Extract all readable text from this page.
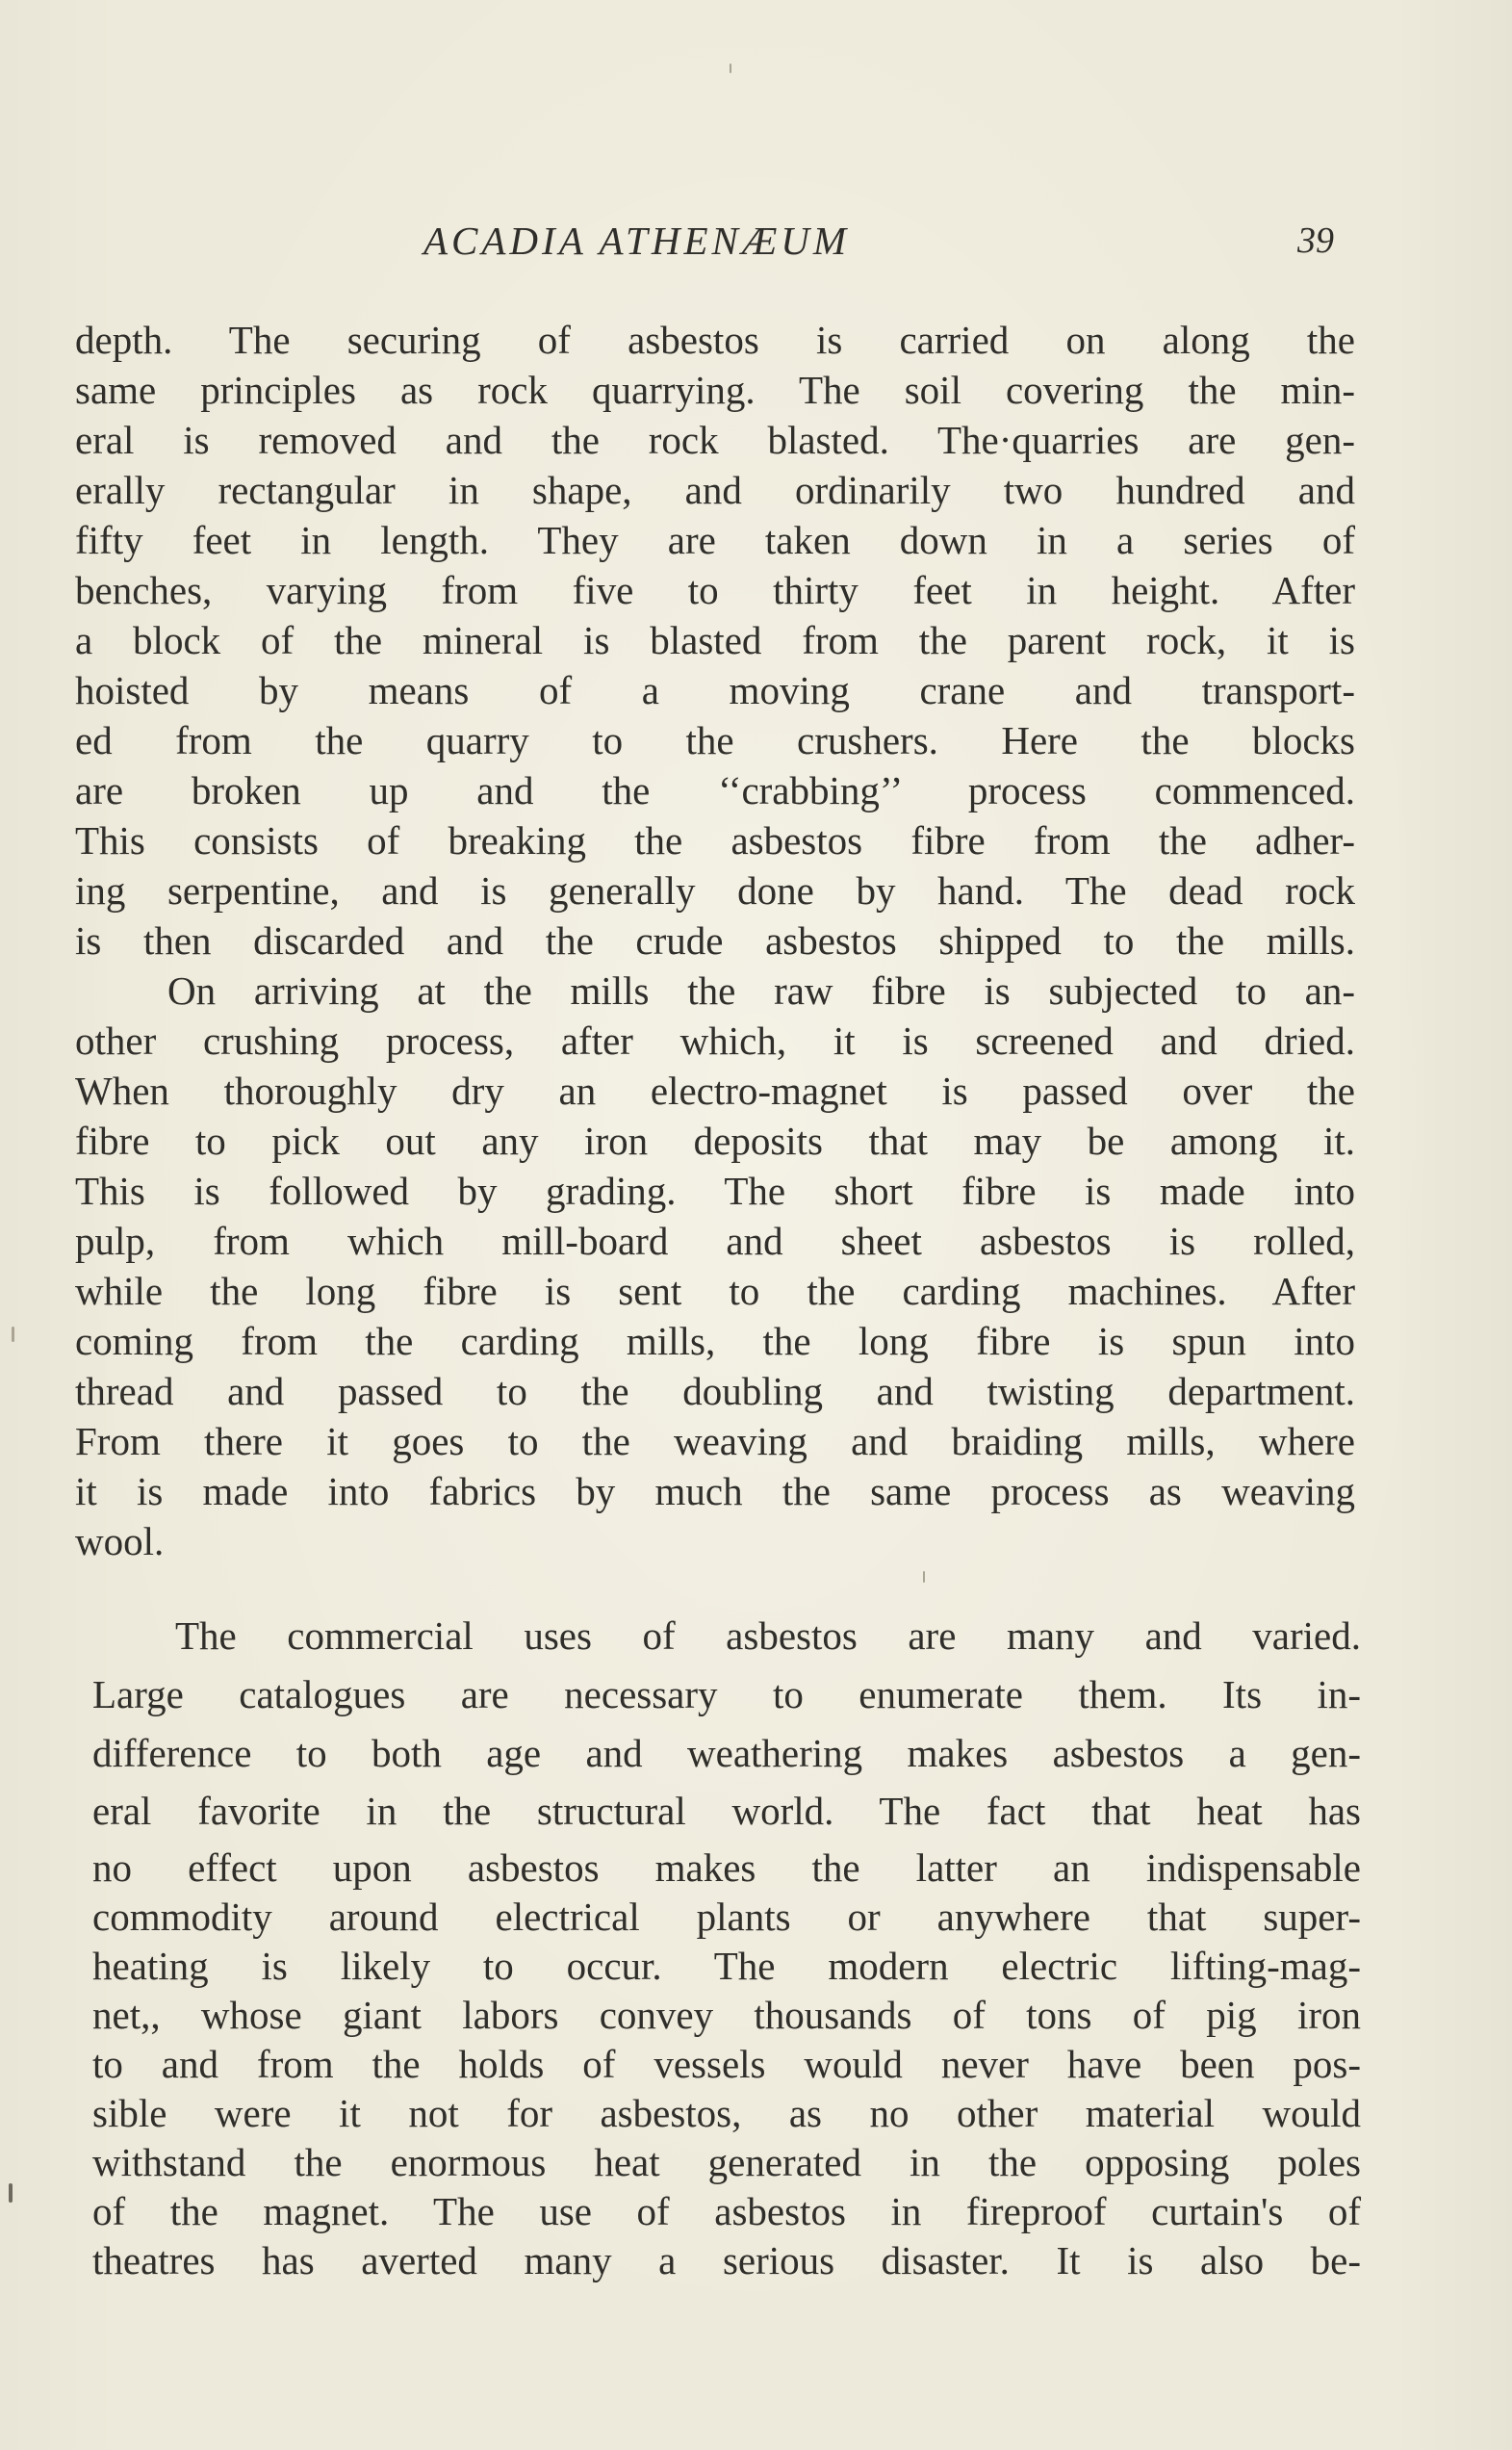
ACADIA ATHENÆUM	39
depth. The securing of asbestos is carried on along the
same principles as rock quarrying. The soil covering the min-
eral is removed and the rock blasted. The·quarries are gen-
erally rectangular in shape, and ordinarily two hundred and
fifty feet in length. They are taken down in a series of
benches, varying from five to thirty feet in height. After
a block of the mineral is blasted from the parent rock, it is
hoisted by means of a moving crane and transport-
ed from the quarry to the crushers. Here the blocks
are broken up and the ‘‘crabbing’’ process commenced.
This consists of breaking the asbestos fibre from the adher-
ing serpentine, and is generally done by hand. The dead rock
is then discarded and the crude asbestos shipped to the mills.
On arriving at the mills the raw fibre is subjected to an-
other crushing process, after which, it is screened and dried.
When thoroughly dry an electro-magnet is passed over the
fibre to pick out any iron deposits that may be among it.
This is followed by grading. The short fibre is made into
pulp, from which mill-board and sheet asbestos is rolled,
while the long fibre is sent to the carding machines. After
coming from the carding mills, the long fibre is spun into
thread and passed to the doubling and twisting department.
From there it goes to the weaving and braiding mills, where
it is made into fabrics by much the same process as weaving
wool.
The commercial uses of asbestos are many and varied.
Large catalogues are necessary to enumerate them. Its in-
difference to both age and weathering makes asbestos a gen-
eral favorite in the structural world. The fact that heat has
no effect upon asbestos makes the latter an indispensable
commodity around electrical plants or anywhere that super-
heating is likely to occur. The modern electric lifting-mag-
net,, whose giant labors convey thousands of tons of pig iron
to and from the holds of vessels would never have been pos-
sible were it not for asbestos, as no other material would
withstand the enormous heat generated in the opposing poles
of the magnet. The use of asbestos in fireproof curtain's of
theatres has averted many a serious disaster. It is also be-
